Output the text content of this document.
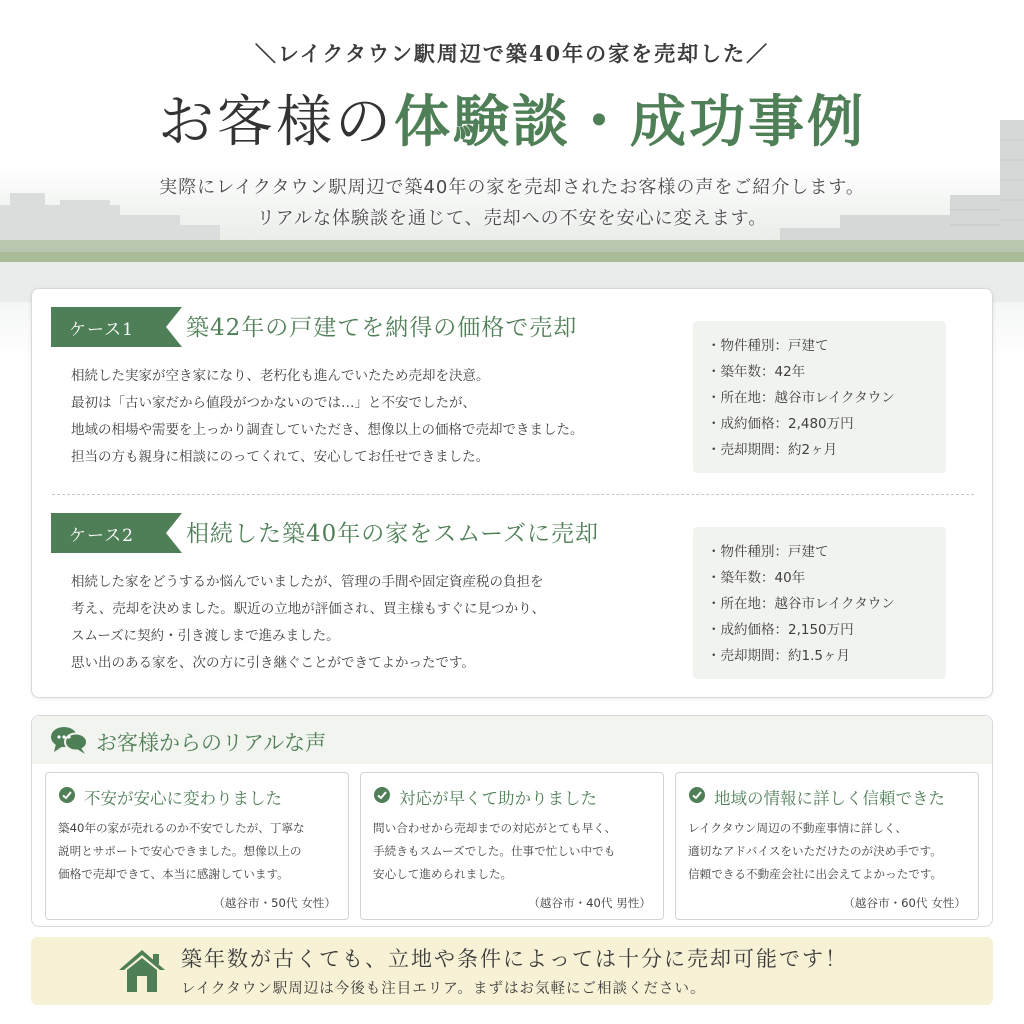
＼レイクタウン駅周辺で築40年の家を売却した／
お客様の体験談・成功事例
実際にレイクタウン駅周辺で築40年の家を売却されたお客様の声をご紹介します。
リアルな体験談を通じて、売却への不安を安心に変えます。
ケース1	築42年の戸建てを納得の価格で売却
相続した実家が空き家になり、老朽化も進んでいたため売却を決意。
最初は「古い家だから値段がつかないのでは…」と不安でしたが、
地域の相場や需要を上っかり調査していただき、想像以上の価格で売却できました。
担当の方も親身に相談にのってくれて、安心してお任せできました。
・物件種別：戸建て
・築年数：42年
・所在地：越谷市レイクタウン
・成約価格：2,480万円
・売却期間：約2ヶ月
ケース2	相続した築40年の家をスムーズに売却
相続した家をどうするか悩んでいましたが、管理の手間や固定資産税の負担を
考え、売却を決めました。駅近の立地が評価され、買主様もすぐに見つかり、
スムーズに契約・引き渡しまで進みました。
思い出のある家を、次の方に引き継ぐことができてよかったです。
・物件種別：戸建て
・築年数：40年
・所在地：越谷市レイクタウン
・成約価格：2,150万円
・売却期間：約1.5ヶ月
お客様からのリアルな声
不安が安心に変わりました
築40年の家が売れるのか不安でしたが、丁寧な
説明とサポートで安心できました。想像以上の
価格で売却できて、本当に感謝しています。
（越谷市・50代 女性）
対応が早くて助かりました
問い合わせから売却までの対応がとても早く、
手続きもスムーズでした。仕事で忙しい中でも
安心して進められました。
（越谷市・40代 男性）
地域の情報に詳しく信頼できた
レイクタウン周辺の不動産事情に詳しく、
適切なアドバイスをいただけたのが決め手です。
信頼できる不動産会社に出会えてよかったです。
（越谷市・60代 女性）
築年数が古くても、立地や条件によっては十分に売却可能です！
レイクタウン駅周辺は今後も注目エリア。まずはお気軽にご相談ください。
